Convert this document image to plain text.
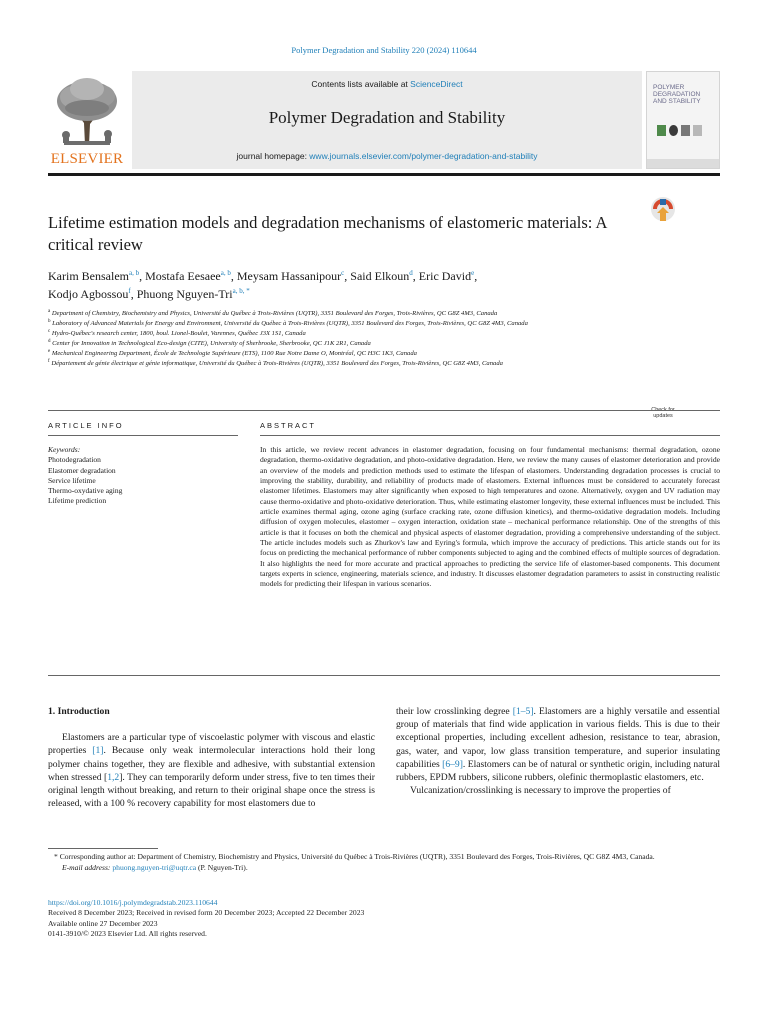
Polymer Degradation and Stability 220 (2024) 110644
ELSEVIER
Contents lists available at ScienceDirect
Polymer Degradation and Stability
journal homepage: www.journals.elsevier.com/polymer-degradation-and-stability
POLYMER DEGRADATION AND STABILITY
Lifetime estimation models and degradation mechanisms of elastomeric materials: A critical review
updates
Karim Bensalem$^{a, b}$, Mostafa Eesaee$^{a, b}$, Meysam Hassanipour$^c$, Said Elkoun$^d$, Eric David$^e$,
Kodjo Agbossou$^f$, Phuong Nguyen-Tri$^{a, b, *}$
$^a$ Department of Chemistry, Biochemistry and Physics, Université du Québec à Trois-Rivières (UQTR), 3351 Boulevard des Forges, Trois-Rivières, QC G8Z 4M3, Canada
$^b$ Laboratory of Advanced Materials for Energy and Environment, Université du Québec à Trois-Rivières (UQTR), 3351 Boulevard des Forges, Trois-Rivières, QC G8Z 4M3, Canada
$^c$ Hydro-Québec's research center, 1800, boul. Lionel-Boulet, Varennes, Québec J3X 1S1, Canada
$^d$ Center for Innovation in Technological Eco-design (CITE), University of Sherbrooke, Sherbrooke, QC J1K 2R1, Canada
$^e$ Mechanical Engineering Department, École de Technologie Supérieure (ETS), 1100 Rue Notre Dame O, Montréal, QC H3C 1K3, Canada
$^f$ Département de génie électrique et génie informatique, Université du Québec à Trois-Rivières (UQTR), 3351 Boulevard des Forges, Trois-Rivières, QC G8Z 4M3, Canada
ARTICLE INFO	ABSTRACT
Keywords:
Photodegradation
Elastomer degradation
Service lifetime
Thermo-oxydative aging
Lifetime prediction
In this article, we review recent advances in elastomer degradation, focusing on four fundamental mechanisms: thermal degradation, ozone degradation, thermo-oxidative degradation, and photo-oxidative degradation. Here, we review the many causes of elastomer deterioration and provide an overview of the models and prediction methods used to estimate the lifespan of elastomers. Understanding degradation processes is crucial to improving the stability, durability, and reliability of products made of elastomers. External influences must be considered to accurately forecast elastomer lifetimes. Elastomers may alter significantly when exposed to high temperatures and ozone. Alternatively, oxygen and UV radiation may cause thermo-oxidative and photo-oxidative deterioration. Thus, while estimating elastomer longevity, these external influences must be included. This article examines thermal aging, ozone aging (surface cracking rate, ozone diffusion kinetics), and thermo-oxidative degradation models. Including diffusion of oxygen molecules, elastomer – oxygen interaction, oxidation state – mechanical performance relationship. One of the strengths of this article is that it focuses on both the chemical and physical aspects of elastomer degradation, providing a comprehensive understanding of the subject. The article includes models such as Zhurkov's law and Eyring's formula, which improve the accuracy of predictions. This article stands out for its focus on predicting the mechanical performance of rubber components subjected to aging and the combined effects of multiple sources of degradation. It also highlights the need for more accurate and practical approaches to predicting the service life of elastomer-based components. This document targets experts in science, engineering, materials science, and industry. It discusses elastomer degradation parameters to assist in constructing realistic models for predicting their lifespan in various scenarios.
1. Introduction

Elastomers are a particular type of viscoelastic polymer with viscous and elastic properties [1]. Because only weak intermolecular interactions hold their long polymer chains together, they are flexible and adhesive, with substantial extension when stressed [1,2]. They can temporarily deform under stress, five to ten times their original length without breaking, and return to their original shape once the stress is released, with a 100 % recovery capability for most elastomers due to

their low crosslinking degree [1–5]. Elastomers are a highly versatile and essential group of materials that find wide application in various fields. This is due to their exceptional properties, including excellent adhesion, resistance to tear, abrasion, gas, water, and vapor, low glass transition temperature, and superior insulating capabilities [6–9]. Elastomers can be of natural or synthetic origin, including natural rubbers, EPDM rubbers, silicone rubbers, olefinic thermoplastic elastomers, etc.

Vulcanization/crosslinking is necessary to improve the properties of

* Corresponding author at: Department of Chemistry, Biochemistry and Physics, Université du Québec à Trois-Rivières (UQTR), 3351 Boulevard des Forges, Trois-Rivières, QC G8Z 4M3, Canada.
E-mail address: phuong.nguyen-tri@uqtr.ca (P. Nguyen-Tri).
https://doi.org/10.1016/j.polymdegradstab.2023.110644
Received 8 December 2023; Received in revised form 20 December 2023; Accepted 22 December 2023
Available online 27 December 2023
0141-3910/© 2023 Elsevier Ltd. All rights reserved.
